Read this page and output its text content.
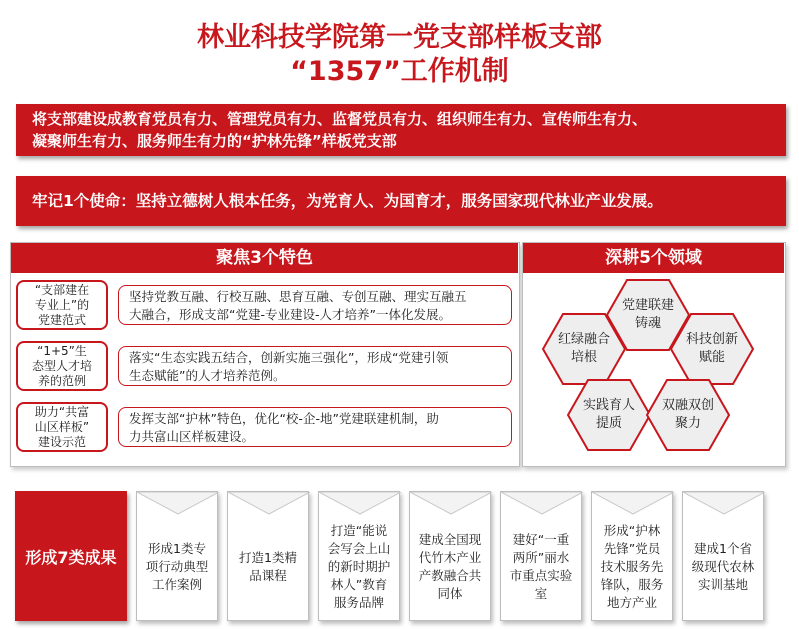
林业科技学院第一党支部样板支部
“1357”工作机制
将支部建设成教育党员有力、管理党员有力、监督党员有力、组织师生有力、宣传师生有力、
凝聚师生有力、服务师生有力的“护林先锋”样板党支部
牢记1个使命：坚持立德树人根本任务，为党育人、为国育才，服务国家现代林业产业发展。
聚焦3个特色
“支部建在
专业上”的
党建范式
坚持党教互融、行校互融、思育互融、专创互融、理实互融五
大融合，形成支部“党建-专业建设-人才培养”一体化发展。
“1+5”生
态型人才培
养的范例
落实“生态实践五结合，创新实施三强化”，形成“党建引领
生态赋能”的人才培养范例。
助力“共富
山区样板”
建设示范
发挥支部“护林”特色，优化“校-企-地”党建联建机制，助
力共富山区样板建设。
深耕5个领域
党建联建
铸魂
红绿融合
培根
科技创新
赋能
实践育人
提质
双融双创
聚力
形成7类成果	形成1类专
项行动典型
工作案例
打造1类精
品课程
打造“能说
会写会上山
的新时期护
林人”教育
服务品牌
建成全国现
代竹木产业
产教融合共
同体
建好“一重
两所”丽水
市重点实验
室
形成“护林
先锋”党员
技术服务先
锋队，服务
地方产业
建成1个省
级现代农林
实训基地
